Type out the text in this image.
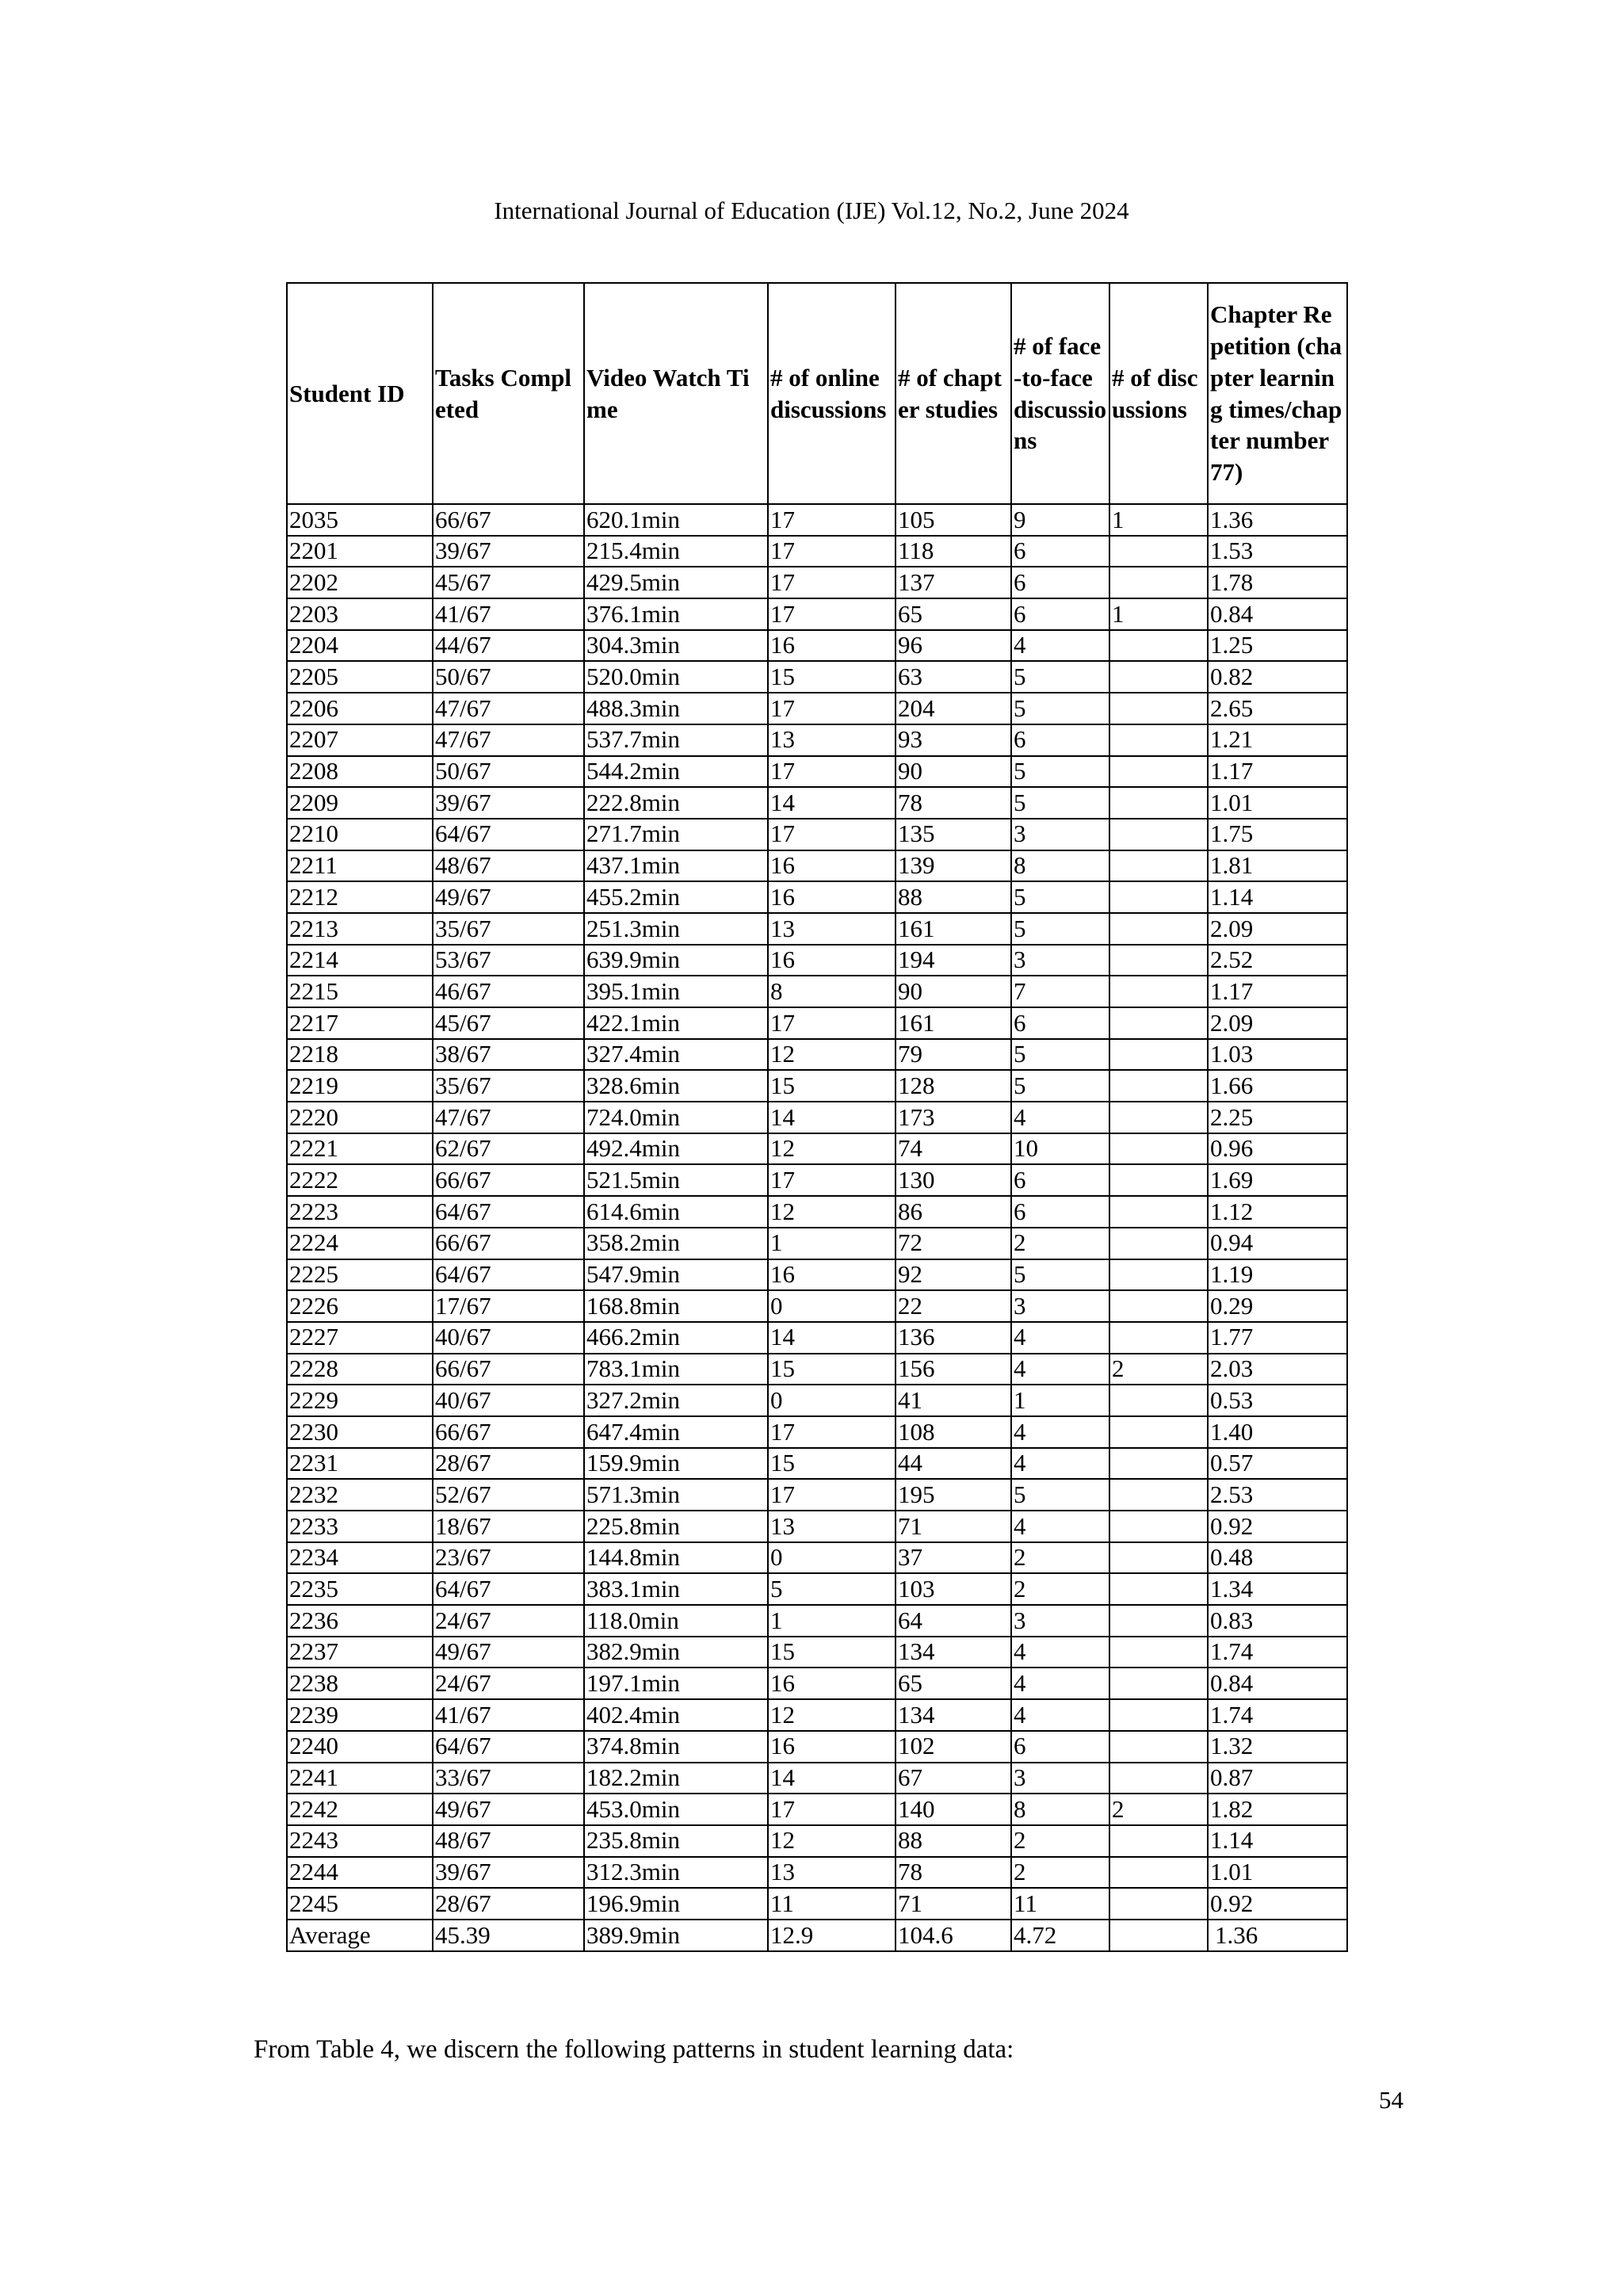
International Journal of Education (IJE) Vol.12, No.2, June 2024
Student ID	Tasks Completed	Video Watch Time	# of online discussions	# of chapter studies	# of face-to-face discussions	# of discussions	Chapter Repetition (chapter learning times/chapter number 77)
2035	66/67	620.1min	17	105	9	1	1.36
2201	39/67	215.4min	17	118	6		1.53
2202	45/67	429.5min	17	137	6		1.78
2203	41/67	376.1min	17	65	6	1	0.84
2204	44/67	304.3min	16	96	4		1.25
2205	50/67	520.0min	15	63	5		0.82
2206	47/67	488.3min	17	204	5		2.65
2207	47/67	537.7min	13	93	6		1.21
2208	50/67	544.2min	17	90	5		1.17
2209	39/67	222.8min	14	78	5		1.01
2210	64/67	271.7min	17	135	3		1.75
2211	48/67	437.1min	16	139	8		1.81
2212	49/67	455.2min	16	88	5		1.14
2213	35/67	251.3min	13	161	5		2.09
2214	53/67	639.9min	16	194	3		2.52
2215	46/67	395.1min	8	90	7		1.17
2217	45/67	422.1min	17	161	6		2.09
2218	38/67	327.4min	12	79	5		1.03
2219	35/67	328.6min	15	128	5		1.66
2220	47/67	724.0min	14	173	4		2.25
2221	62/67	492.4min	12	74	10		0.96
2222	66/67	521.5min	17	130	6		1.69
2223	64/67	614.6min	12	86	6		1.12
2224	66/67	358.2min	1	72	2		0.94
2225	64/67	547.9min	16	92	5		1.19
2226	17/67	168.8min	0	22	3		0.29
2227	40/67	466.2min	14	136	4		1.77
2228	66/67	783.1min	15	156	4	2	2.03
2229	40/67	327.2min	0	41	1		0.53
2230	66/67	647.4min	17	108	4		1.40
2231	28/67	159.9min	15	44	4		0.57
2232	52/67	571.3min	17	195	5		2.53
2233	18/67	225.8min	13	71	4		0.92
2234	23/67	144.8min	0	37	2		0.48
2235	64/67	383.1min	5	103	2		1.34
2236	24/67	118.0min	1	64	3		0.83
2237	49/67	382.9min	15	134	4		1.74
2238	24/67	197.1min	16	65	4		0.84
2239	41/67	402.4min	12	134	4		1.74
2240	64/67	374.8min	16	102	6		1.32
2241	33/67	182.2min	14	67	3		0.87
2242	49/67	453.0min	17	140	8	2	1.82
2243	48/67	235.8min	12	88	2		1.14
2244	39/67	312.3min	13	78	2		1.01
2245	28/67	196.9min	11	71	11		0.92
Average	45.39	389.9min	12.9	104.6	4.72		1.36
From Table 4, we discern the following patterns in student learning data:
54
